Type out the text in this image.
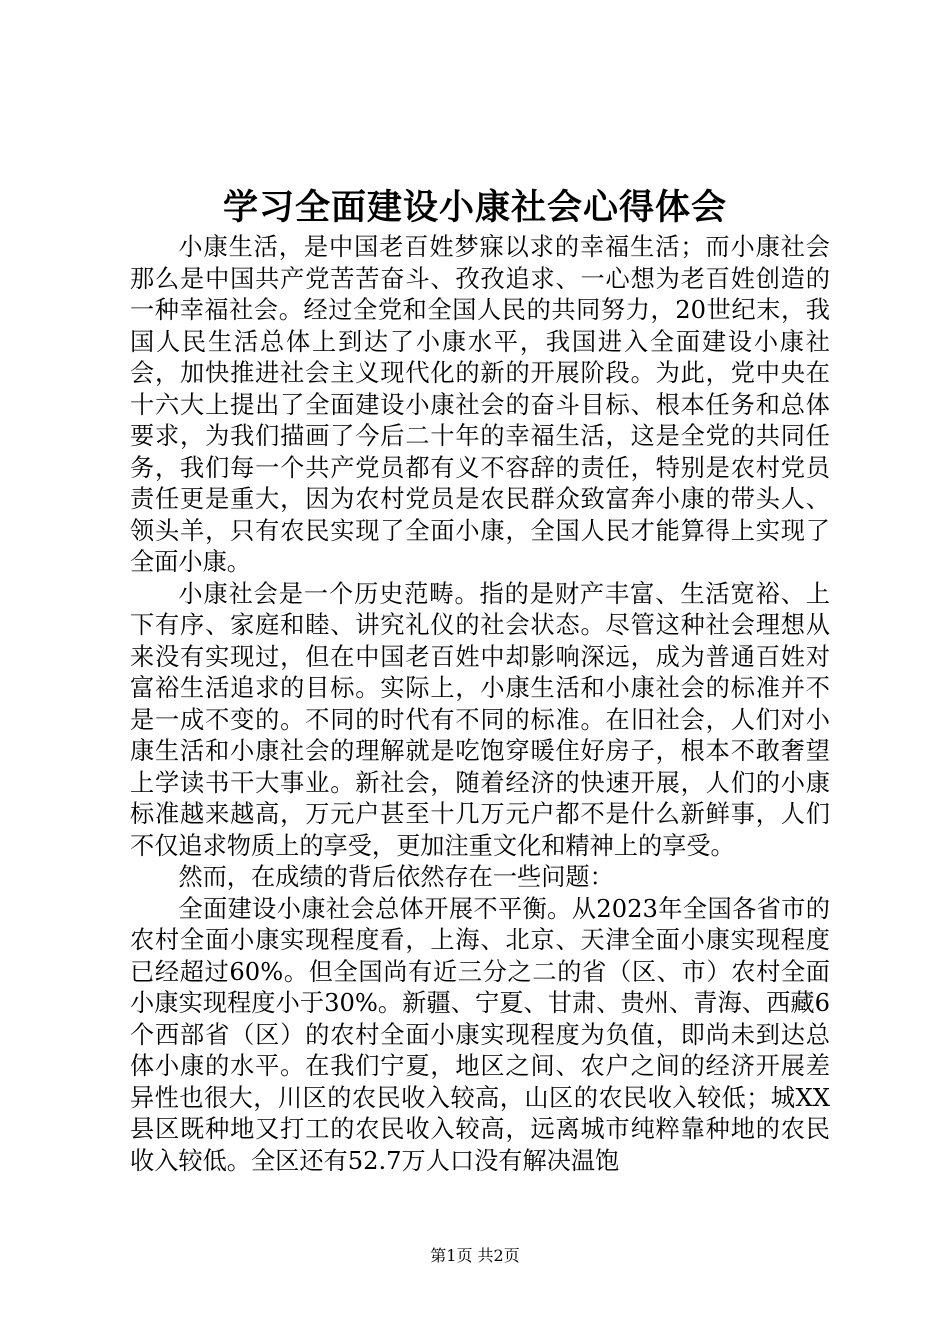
学习全面建设小康社会心得体会

小康生活，是中国老百姓梦寐以求的幸福生活；而小康社会那么是中国共产党苦苦奋斗、孜孜追求、一心想为老百姓创造的一种幸福社会。经过全党和全国人民的共同努力，20世纪末，我国人民生活总体上到达了小康水平，我国进入全面建设小康社会，加快推进社会主义现代化的新的开展阶段。为此，党中央在十六大上提出了全面建设小康社会的奋斗目标、根本任务和总体要求，为我们描画了今后二十年的幸福生活，这是全党的共同任务，我们每一个共产党员都有义不容辞的责任，特别是农村党员责任更是重大，因为农村党员是农民群众致富奔小康的带头人、领头羊，只有农民实现了全面小康，全国人民才能算得上实现了全面小康。

小康社会是一个历史范畴。指的是财产丰富、生活宽裕、上下有序、家庭和睦、讲究礼仪的社会状态。尽管这种社会理想从来没有实现过，但在中国老百姓中却影响深远，成为普通百姓对富裕生活追求的目标。实际上，小康生活和小康社会的标准并不是一成不变的。不同的时代有不同的标准。在旧社会，人们对小康生活和小康社会的理解就是吃饱穿暖住好房子，根本不敢奢望上学读书干大事业。新社会，随着经济的快速开展，人们的小康标准越来越高，万元户甚至十几万元户都不是什么新鲜事，人们不仅追求物质上的享受，更加注重文化和精神上的享受。

然而，在成绩的背后依然存在一些问题：

全面建设小康社会总体开展不平衡。从2023年全国各省市的农村全面小康实现程度看，上海、北京、天津全面小康实现程度已经超过60%。但全国尚有近三分之二的省（区、市）农村全面小康实现程度小于30%。新疆、宁夏、甘肃、贵州、青海、西藏6个西部省（区）的农村全面小康实现程度为负值，即尚未到达总体小康的水平。在我们宁夏，地区之间、农户之间的经济开展差异性也很大，川区的农民收入较高，山区的农民收入较低；城XX县区既种地又打工的农民收入较高，远离城市纯粹靠种地的农民收入较低。全区还有52.7万人口没有解决温饱

第1页 共2页
